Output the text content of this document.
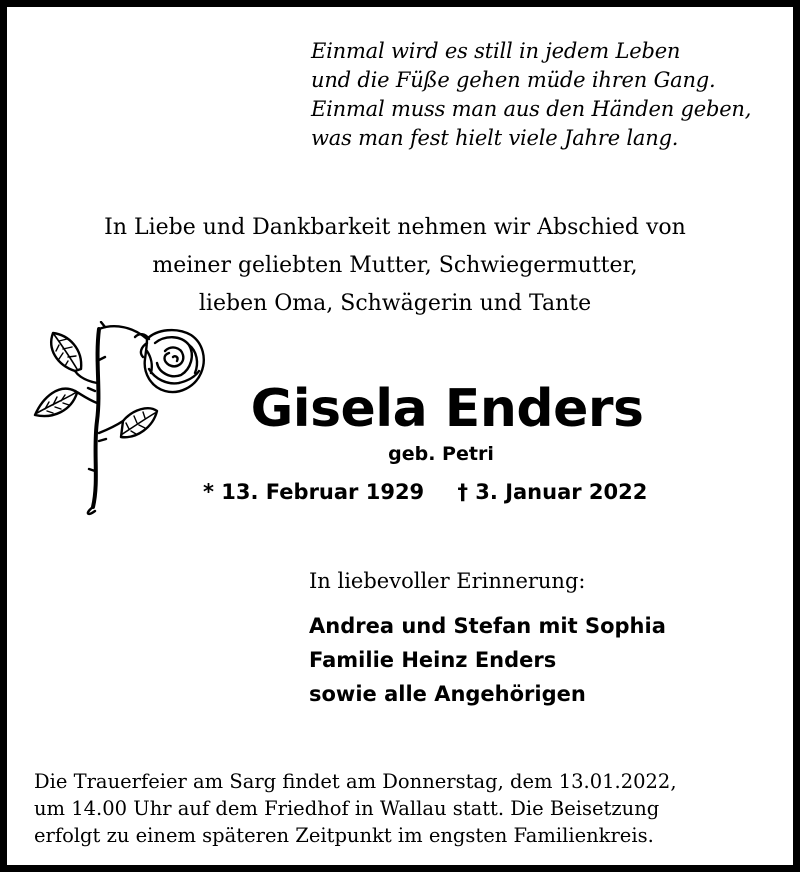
Einmal wird es still in jedem Leben
und die Füße gehen müde ihren Gang.
Einmal muss man aus den Händen geben,
was man fest hielt viele Jahre lang.
In Liebe und Dankbarkeit nehmen wir Abschied von
meiner geliebten Mutter, Schwiegermutter,
lieben Oma, Schwägerin und Tante
Gisela Enders
geb. Petri
* 13. Februar 1929 † 3. Januar 2022
In liebevoller Erinnerung:
Andrea und Stefan mit Sophia
Familie Heinz Enders
sowie alle Angehörigen
Die Trauerfeier am Sarg findet am Donnerstag, dem 13.01.2022,
um 14.00 Uhr auf dem Friedhof in Wallau statt. Die Beisetzung
erfolgt zu einem späteren Zeitpunkt im engsten Familienkreis.
